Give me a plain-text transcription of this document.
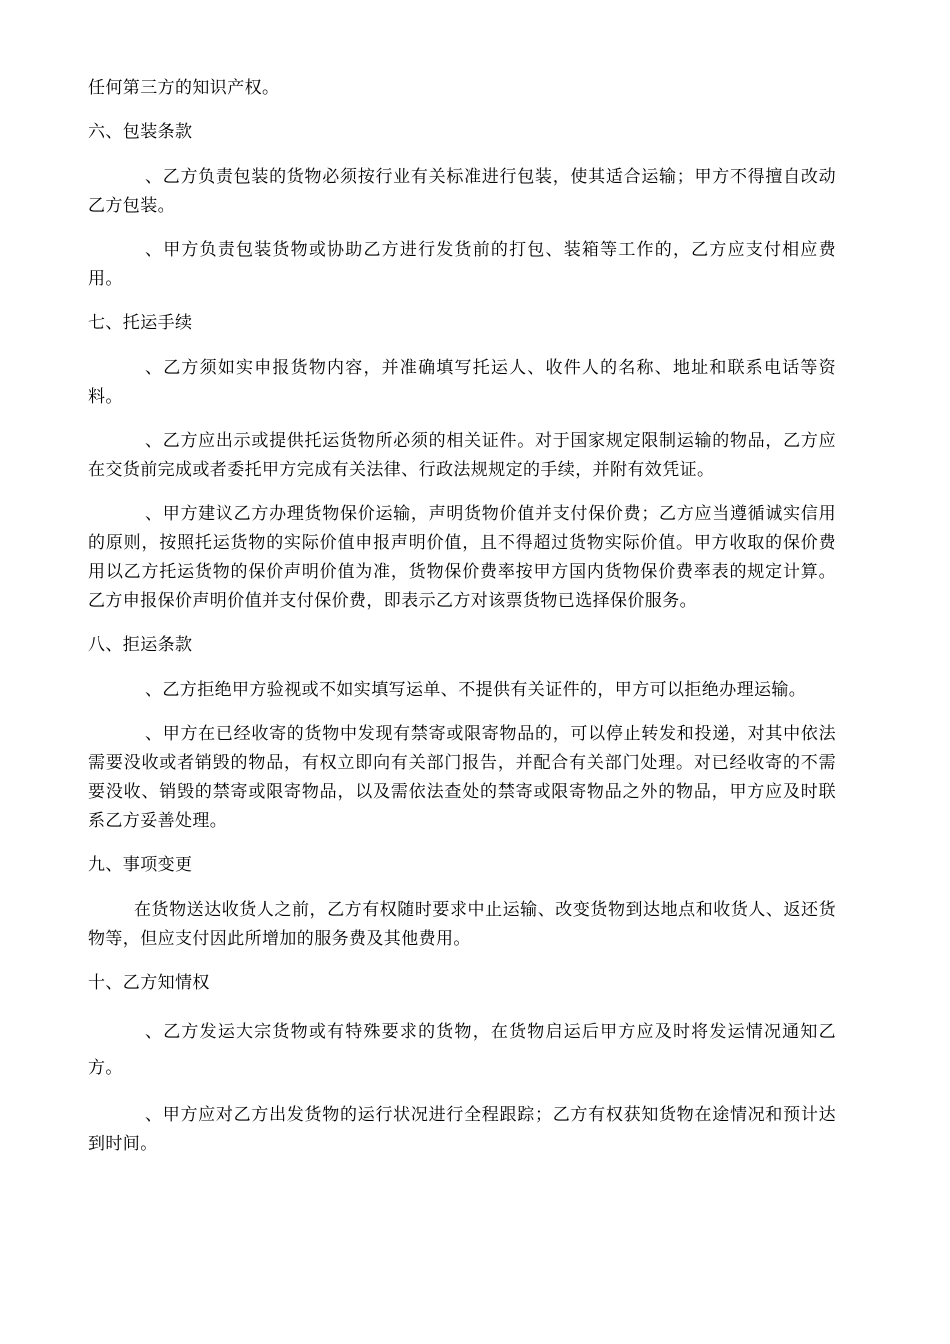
任何第三方的知识产权。

六、包装条款

、乙方负责包装的货物必须按行业有关标准进行包装，使其适合运输；甲方不得擅自改动乙方包装。

、甲方负责包装货物或协助乙方进行发货前的打包、装箱等工作的，乙方应支付相应费用。

七、托运手续

、乙方须如实申报货物内容，并准确填写托运人、收件人的名称、地址和联系电话等资料。

、乙方应出示或提供托运货物所必须的相关证件。对于国家规定限制运输的物品，乙方应在交货前完成或者委托甲方完成有关法律、行政法规规定的手续，并附有效凭证。

、甲方建议乙方办理货物保价运输，声明货物价值并支付保价费；乙方应当遵循诚实信用的原则，按照托运货物的实际价值申报声明价值，且不得超过货物实际价值。甲方收取的保价费用以乙方托运货物的保价声明价值为准，货物保价费率按甲方国内货物保价费率表的规定计算。乙方申报保价声明价值并支付保价费，即表示乙方对该票货物已选择保价服务。

八、拒运条款

、乙方拒绝甲方验视或不如实填写运单、不提供有关证件的，甲方可以拒绝办理运输。

、甲方在已经收寄的货物中发现有禁寄或限寄物品的，可以停止转发和投递，对其中依法需要没收或者销毁的物品，有权立即向有关部门报告，并配合有关部门处理。对已经收寄的不需要没收、销毁的禁寄或限寄物品，以及需依法查处的禁寄或限寄物品之外的物品，甲方应及时联系乙方妥善处理。

九、事项变更

在货物送达收货人之前，乙方有权随时要求中止运输、改变货物到达地点和收货人、返还货物等，但应支付因此所增加的服务费及其他费用。

十、乙方知情权

、乙方发运大宗货物或有特殊要求的货物，在货物启运后甲方应及时将发运情况通知乙方。

、甲方应对乙方出发货物的运行状况进行全程跟踪；乙方有权获知货物在途情况和预计达到时间。
